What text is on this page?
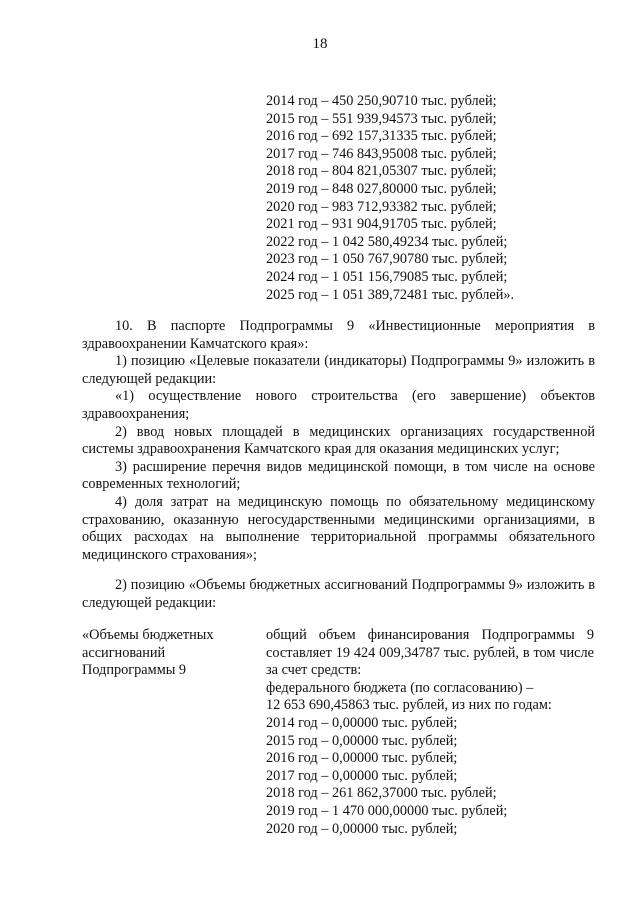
18
2014 год – 450 250,90710 тыс. рублей;
2015 год – 551 939,94573 тыс. рублей;
2016 год – 692 157,31335 тыс. рублей;
2017 год – 746 843,95008 тыс. рублей;
2018 год – 804 821,05307 тыс. рублей;
2019 год – 848 027,80000 тыс. рублей;
2020 год – 983 712,93382 тыс. рублей;
2021 год – 931 904,91705 тыс. рублей;
2022 год – 1 042 580,49234 тыс. рублей;
2023 год – 1 050 767,90780 тыс. рублей;
2024 год – 1 051 156,79085 тыс. рублей;
2025 год – 1 051 389,72481 тыс. рублей».

10. В паспорте Подпрограммы 9 «Инвестиционные мероприятия в здравоохранении Камчатского края»:

1) позицию «Целевые показатели (индикаторы) Подпрограммы 9» изложить в следующей редакции:

«1) осуществление нового строительства (его завершение) объектов здравоохранения;

2) ввод новых площадей в медицинских организациях государственной системы здравоохранения Камчатского края для оказания медицинских услуг;

3) расширение перечня видов медицинской помощи, в том числе на основе современных технологий;

4) доля затрат на медицинскую помощь по обязательному медицинскому страхованию, оказанную негосударственными медицинскими организациями, в общих расходах на выполнение территориальной программы обязательного медицинского страхования»;

2) позицию «Объемы бюджетных ассигнований Подпрограммы 9» изложить в следующей редакции:

«Объемы бюджетных ассигнований Подпрограммы 9

общий объем финансирования Подпрограммы 9 составляет 19 424 009,34787 тыс. рублей, в том числе за счет средств:

федерального бюджета (по согласованию) –
12 653 690,45863 тыс. рублей, из них по годам:
2014 год – 0,00000 тыс. рублей;
2015 год – 0,00000 тыс. рублей;
2016 год – 0,00000 тыс. рублей;
2017 год – 0,00000 тыс. рублей;
2018 год – 261 862,37000 тыс. рублей;
2019 год – 1 470 000,00000 тыс. рублей;
2020 год – 0,00000 тыс. рублей;
